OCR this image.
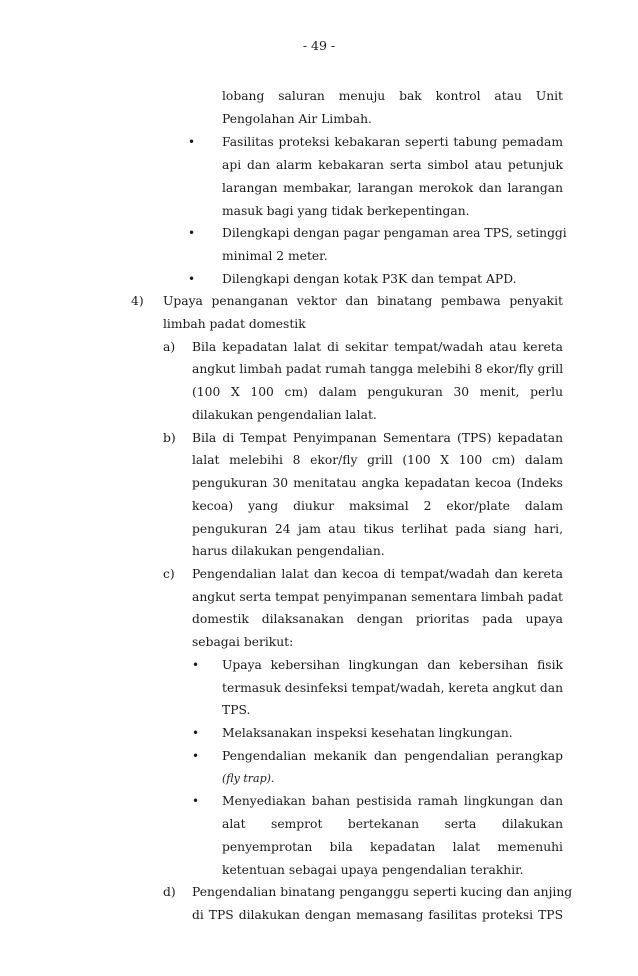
- 49 -
lobang saluran menuju bak kontrol atau Unit
Pengolahan Air Limbah.
• Fasilitas proteksi kebakaran seperti tabung pemadam
api dan alarm kebakaran serta simbol atau petunjuk
larangan membakar, larangan merokok dan larangan
masuk bagi yang tidak berkepentingan.
• Dilengkapi dengan pagar pengaman area TPS, setinggi
minimal 2 meter.
• Dilengkapi dengan kotak P3K dan tempat APD.
4) Upaya penanganan vektor dan binatang pembawa penyakit
limbah padat domestik
a) Bila kepadatan lalat di sekitar tempat/wadah atau kereta
angkut limbah padat rumah tangga melebihi 8 ekor/fly grill
(100 X 100 cm) dalam pengukuran 30 menit, perlu
dilakukan pengendalian lalat.
b) Bila di Tempat Penyimpanan Sementara (TPS) kepadatan
lalat melebihi 8 ekor/fly grill (100 X 100 cm) dalam
pengukuran 30 menitatau angka kepadatan kecoa (Indeks
kecoa) yang diukur maksimal 2 ekor/plate dalam
pengukuran 24 jam atau tikus terlihat pada siang hari,
harus dilakukan pengendalian.
c) Pengendalian lalat dan kecoa di tempat/wadah dan kereta
angkut serta tempat penyimpanan sementara limbah padat
domestik dilaksanakan dengan prioritas pada upaya
sebagai berikut:
• Upaya kebersihan lingkungan dan kebersihan fisik
termasuk desinfeksi tempat/wadah, kereta angkut dan
TPS.
• Melaksanakan inspeksi kesehatan lingkungan.
• Pengendalian mekanik dan pengendalian perangkap
(fly trap).
• Menyediakan bahan pestisida ramah lingkungan dan
alat semprot bertekanan serta dilakukan
penyemprotan bila kepadatan lalat memenuhi
ketentuan sebagai upaya pengendalian terakhir.
d) Pengendalian binatang penganggu seperti kucing dan anjing
di TPS dilakukan dengan memasang fasilitas proteksi TPS
